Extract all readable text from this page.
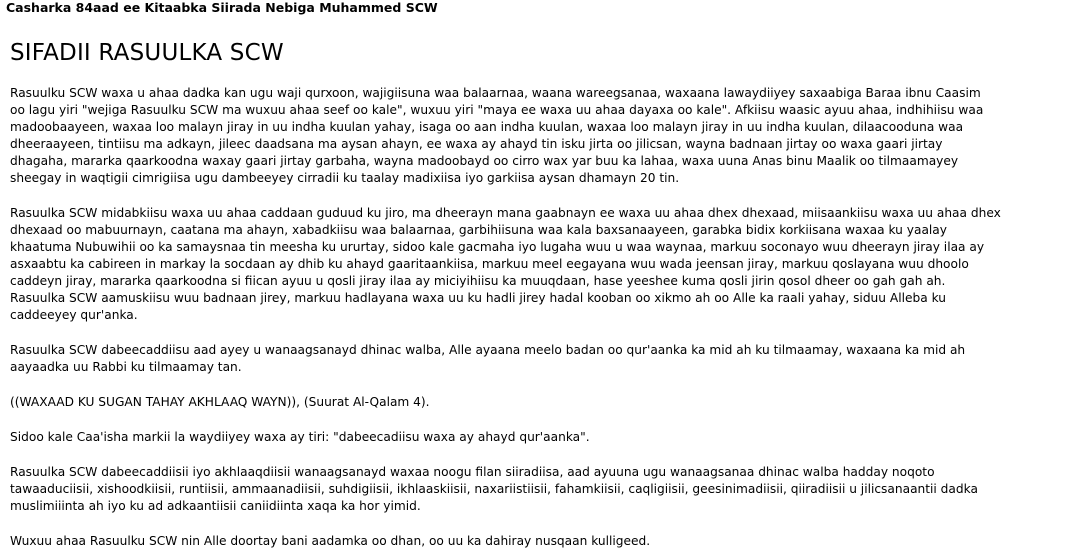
Casharka 84aad ee Kitaabka Siirada Nebiga Muhammed SCW
SIFADII RASUULKA SCW

Rasuulku SCW waxa u ahaa dadka kan ugu waji qurxoon, wajigiisuna waa balaarnaa, waana wareegsanaa, waxaana lawaydiiyey saxaabiga Baraa ibnu Caasim
oo lagu yiri "wejiga Rasuulku SCW ma wuxuu ahaa seef oo kale", wuxuu yiri "maya ee waxa uu ahaa dayaxa oo kale". Afkiisu waasic ayuu ahaa, indhihiisu waa
madoobaayeen, waxaa loo malayn jiray in uu indha kuulan yahay, isaga oo aan indha kuulan, waxaa loo malayn jiray in uu indha kuulan, dilaacooduna waa
dheeraayeen, tintiisu ma adkayn, jileec daadsana ma aysan ahayn, ee waxa ay ahayd tin isku jirta oo jilicsan, wayna badnaan jirtay oo waxa gaari jirtay
dhagaha, mararka qaarkoodna waxay gaari jirtay garbaha, wayna madoobayd oo cirro wax yar buu ka lahaa, waxa uuna Anas binu Maalik oo tilmaamayey
sheegay in waqtigii cimrigiisa ugu dambeeyey cirradii ku taalay madixiisa iyo garkiisa aysan dhamayn 20 tin.

Rasuulka SCW midabkiisu waxa uu ahaa caddaan guduud ku jiro, ma dheerayn mana gaabnayn ee waxa uu ahaa dhex dhexaad, miisaankiisu waxa uu ahaa dhex
dhexaad oo mabuurnayn, caatana ma ahayn, xabadkiisu waa balaarnaa, garbihiisuna waa kala baxsanaayeen, garabka bidix korkiisana waxaa ku yaalay
khaatuma Nubuwihii oo ka samaysnaa tin meesha ku ururtay, sidoo kale gacmaha iyo lugaha wuu u waa waynaa, markuu soconayo wuu dheerayn jiray ilaa ay
asxaabtu ka cabireen in markay la socdaan ay dhib ku ahayd gaaritaankiisa, markuu meel eegayana wuu wada jeensan jiray, markuu qoslayana wuu dhoolo
caddeyn jiray, mararka qaarkoodna si fiican ayuu u qosli jiray ilaa ay miciyihiisu ka muuqdaan, hase yeeshee kuma qosli jirin qosol dheer oo gah gah ah.
Rasuulka SCW aamuskiisu wuu badnaan jirey, markuu hadlayana waxa uu ku hadli jirey hadal kooban oo xikmo ah oo Alle ka raali yahay, siduu Alleba ku
caddeeyey qur'anka.

Rasuulka SCW dabeecaddiisu aad ayey u wanaagsanayd dhinac walba, Alle ayaana meelo badan oo qur'aanka ka mid ah ku tilmaamay, waxaana ka mid ah
aayaadka uu Rabbi ku tilmaamay tan.

((WAXAAD KU SUGAN TAHAY AKHLAAQ WAYN)), (Suurat Al-Qalam 4).

Sidoo kale Caa'isha markii la waydiiyey waxa ay tiri: "dabeecadiisu waxa ay ahayd qur'aanka".

Rasuulka SCW dabeecaddiisii iyo akhlaaqdiisii wanaagsanayd waxaa noogu filan siiradiisa, aad ayuuna ugu wanaagsanaa dhinac walba hadday noqoto
tawaaduciisii, xishoodkiisii, runtiisii, ammaanadiisii, suhdigiisii, ikhlaaskiisii, naxariistiisii, fahamkiisii, caqligiisii, geesinimadiisii, qiiradiisii u jilicsanaantii dadka
muslimiiinta ah iyo ku ad adkaantiisii caniidiinta xaqa ka hor yimid.

Wuxuu ahaa Rasuulku SCW nin Alle doortay bani aadamka oo dhan, oo uu ka dahiray nusqaan kulligeed.
